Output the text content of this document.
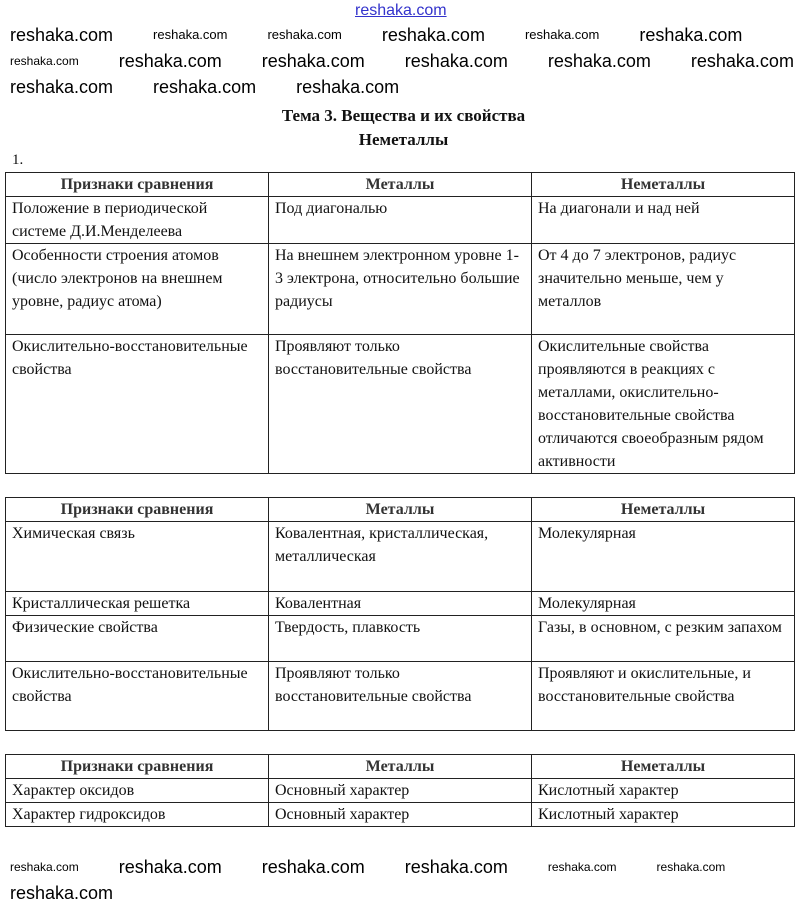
reshaka.com
reshaka.com	reshaka.com	reshaka.com reshaka.com	reshaka.com reshaka.com
reshaka.com reshaka.com reshaka.com reshaka.com reshaka.com reshaka.com
reshaka.com reshaka.com reshaka.com
Тема 3. Вещества и их свойства
Неметаллы
1.
Признаки сравнения	Металлы	Неметаллы
Положение в периодической системе Д.И.Менделеева	Под диагональю	На диагонали и над ней
Особенности строения атомов (число электронов на внешнем уровне, радиус атома)	На внешнем электронном уровне 1-3 электрона, относительно большие радиусы	От 4 до 7 электронов, радиус значительно меньше, чем у металлов
Окислительно-восстановительные свойства	Проявляют только восстановительные свойства	Окислительные свойства проявляются в реакциях с металлами, окислительно-восстановительные свойства отличаются своеобразным рядом активности
Признаки сравнения	Металлы	Неметаллы
Химическая связь	Ковалентная, кристаллическая, металлическая	Молекулярная
Кристаллическая решетка	Ковалентная	Молекулярная
Физические свойства	Твердость, плавкость	Газы, в основном, с резким запахом
Окислительно-восстановительные свойства	Проявляют только восстановительные свойства	Проявляют и окислительные, и восстановительные свойства
Признаки сравнения	Металлы	Неметаллы
Характер оксидов	Основный характер	Кислотный характер
Характер гидроксидов	Основный характер	Кислотный характер
reshaka.com reshaka.com reshaka.com reshaka.com	reshaka.com	reshaka.com
reshaka.com
